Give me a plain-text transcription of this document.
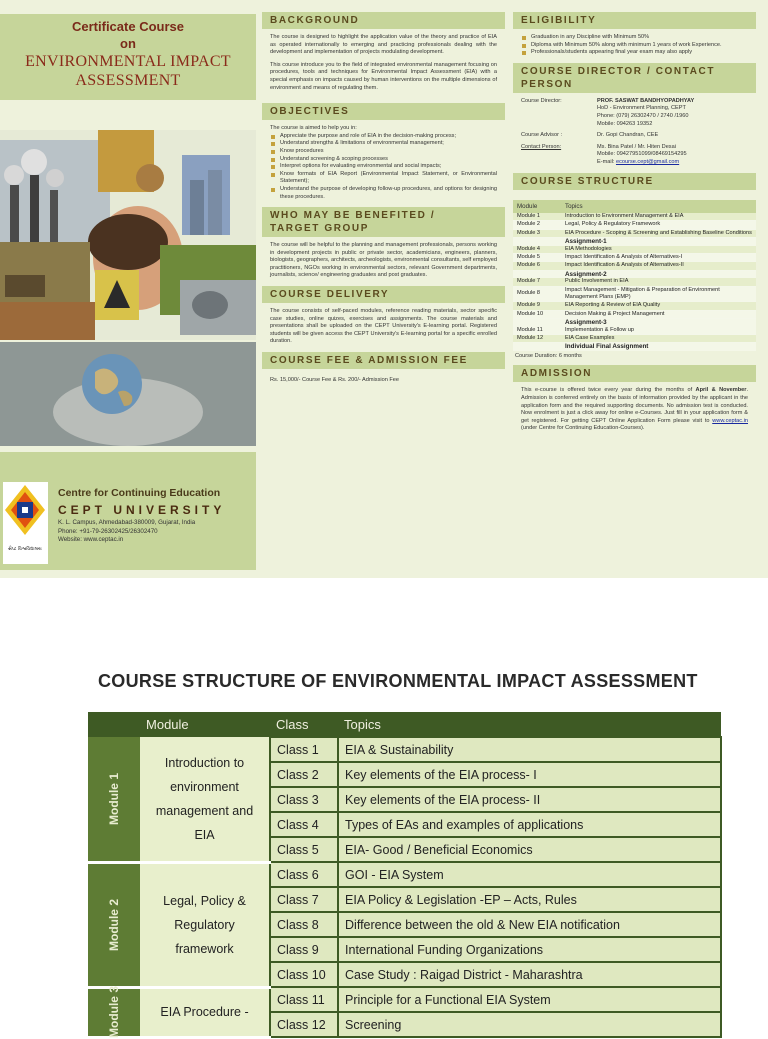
Certificate Course
on
ENVIRONMENTAL IMPACT
ASSESSMENT
સેપ્ટ વિશ્વવિદ્યાલય
Centre for Continuing Education
CEPT UNIVERSITY
K. L. Campus, Ahmedabad-380009, Gujarat, India
Phone: +91-79-26302425/26302470
Website: www.ceptac.in
BACKGROUND

The course is designed to highlight the application value of the theory and practice of EIA as operated internationally to emerging and practicing professionals dealing with the development and implementation of projects modulating development.

This course introduce you to the field of integrated environmental management focusing on procedures, tools and techniques for Environmental Impact Assessment (EIA) with a special emphasis on impacts caused by human interventions on the multiple dimensions of environment and means of regulating them.

OBJECTIVES
The course is aimed to help you in:
Appreciate the purpose and role of EIA in the decision-making process;
Understand strengths & limitations of environmental management;
Know procedures
Understand screening & scoping processes
Interpret options for evaluating environmental and social impacts;
Know formats of EIA Report (Environmental Impact Statement, or Environmental Statement);
Understand the purpose of developing follow-up procedures, and options for designing these procedures.
WHO MAY BE BENEFITED /
TARGET GROUP
The course will be helpful to the planning and management professionals, persons working in development projects in public or private sector, academicians, engineers, planners, biologists, geographers, architects, archeologists, environmental consultants, self employed practitioners, NGOs working in environmental sectors, relevant Government departments, journalists, science/ engineering graduates and post graduates.
COURSE DELIVERY
The course consists of self-paced modules, reference reading materials, sector specific case studies, online quizes, exercises and assignments. The course materials and presentations shall be uploaded on the CEPT University's E-learning portal. Registered students will be given access the CEPT University's E-learning portal for a specific enrolled duration.
COURSE FEE & ADMISSION FEE
Rs. 15,000/- Course Fee & Rs. 200/- Admission Fee
ELIGIBILITY
Graduation in any Discipline with Minimum 50%
Diploma with Minimum 50% along with minimum 1 years of work Experience.
Professionals/students appearing final year exam may also apply
COURSE DIRECTOR / CONTACT
PERSON
Course Director:	PROF. SASWAT BANDHYOPADHYAY
HoD - Environment Planning, CEPT
Phone: (079) 26302470 / 2740 /1960
Mobile: 094263 19352
Course Advisor :	Dr. Gopi Chandran, CEE
Contact Person:	Ms. Bina Patel / Mr. Hiten Desai
Mobile: 09427951099/08469154295
E-mail: ecourse.cept@gmail.com
COURSE STRUCTURE
Module	Topics
Module 1	Introduction to Environment Management & EIA
Module 2	Legal, Policy & Regulatory Framework
Module 3	EIA Procedure - Scoping & Screening and Establishing Baseline Conditions
	Assignment-1
Module 4	EIA Methodologies
Module 5	Impact Identification & Analysis of Alternatives-I
Module 6	Impact Identification & Analysis of Alternatives-II
	Assignment-2
Module 7	Public Involvement in EIA
Module 8	Impact Management - Mitigation & Preparation of Environment Management Plans (EMP)
Module 9	EIA Reporting & Review of EIA Quality
Module 10	Decision Making & Project Management
	Assignment-3
Module 11	Implementation & Follow up
Module 12	EIA Case Examples
	Individual Final Assignment
Course Duration: 6 months
ADMISSION
This e-course is offered twice every year during the months of April & November. Admission is conferred entirely on the basis of information provided by the applicant in the application form and the required supporting documents. No admission test is conducted. Now enrolment is just a click away for online e-Courses. Just fill in your application form & get registered. For getting CEPT Online Application Form please visit to www.ceptac.in (under Centre for Continuing Education-Courses).
COURSE STRUCTURE OF ENVIRONMENTAL IMPACT ASSESSMENT
	Module	Class	Topics
Module 1	Introduction to
environment
management and
EIA	Class 1	EIA & Sustainability
		Class 2	Key elements of the EIA process- I
		Class 3	Key elements of the EIA process- II
		Class 4	Types of EAs and examples of applications
		Class 5	EIA- Good / Beneficial Economics
Module 2	Legal, Policy &
Regulatory
framework	Class 6	GOI - EIA System
		Class 7	EIA Policy & Legislation -EP – Acts, Rules
		Class 8	Difference between the old & New EIA notification
		Class 9	International Funding Organizations
		Class 10	Case Study : Raigad District - Maharashtra
Module 3	EIA Procedure -	Class 11	Principle for a Functional EIA System
		Class 12	Screening
